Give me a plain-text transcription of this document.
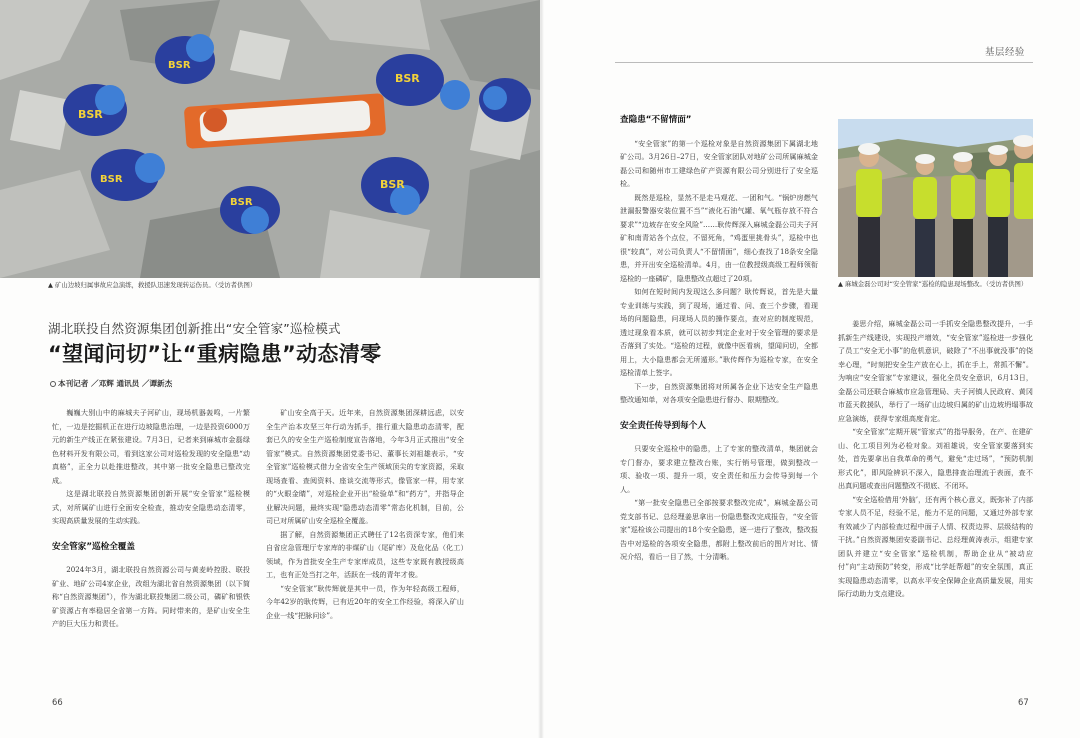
BSR
BSR
BSR
BSR
BSR
BSR
▲ 矿山边坡归属事故应急演练，救援队迅速发现转运伤员。（受访者供图）
湖北联投自然资源集团创新推出“安全管家”巡检模式
“望闻问切”让“重病隐患”动态清零
本刊记者 ／邓辉 通讯员 ／谭新杰

巍巍大别山中的麻城夫子河矿山，现场机器轰鸣，一片繁忙，一边是挖掘机正在进行边坡隐患治理，一边是投资6000万元的新生产线正在紧张建设。7月3日，记者来到麻城市金磊绿色材料开发有限公司，看到这家公司对巡检发现的安全隐患“动真格”，正全力以赴推进整改，其中第一批安全隐患已整改完成。

这是湖北联投自然资源集团创新开展“安全管家”巡检模式，对所属矿山进行全面安全检查，推动安全隐患动态清零，实现高质量发展的生动实践。

安全管家”巡检全覆盖

2024年3月，湖北联投自然资源公司与黄麦岭控股、联投矿业、地矿公司4家企业，改组为湖北省自然资源集团（以下简称“自然资源集团”），作为湖北联投集团二级公司，磷矿和银铁矿资源占有率稳居全省第一方阵。同时带来的，是矿山安全生产的巨大压力和责任。

矿山安全高于天。近年来，自然资源集团深耕远虑，以安全生产治本攻坚三年行动为抓手，推行重大隐患动态清零，配套已久的安全生产巡检制度宣告落地，今年3月正式推出“安全管家”模式。自然资源集团党委书记、董事长刘祖雄表示，“安全管家”巡检模式借力全省安全生产领域顶尖的专家资源，采取现场查看、查阅资料、座谈交流等形式，像管家一样，用专家的“火眼金睛”，对巡检企业开出“检验单”和“药方”，并指导企业解决问题，最终实现“隐患动态清零”常态化机制，目前，公司已对所属矿山安全巡检全覆盖。

据了解，自然资源集团正式聘任了12名资深专家，他们来自省应急管理厅专家库的非煤矿山（尾矿库）及危化品（化工）领域，作为首批安全生产专家库成员，这些专家既有教授级高工，也有正处当打之年，活跃在一线的青年才俊。

“安全管家”耿传辉就是其中一员，作为年轻高级工程师，今年42岁的耿传辉，已有近20年的安全工作经验，将深入矿山企业一线“把脉问诊”。

66
基层经验
查隐患“不留情面”

“安全管家”的第一个巡检对象是自然资源集团下属湖北地矿公司。3月26日–27日，安全管家团队对地矿公司所属麻城金磊公司和随州市工建绿色矿产资源有限公司分别进行了安全巡检。

既然是巡检，显然不是走马观花、一团和气。“锅炉房燃气泄漏报警器安装位置不当”“液化石油气罐、氧气瓶存放不符合要求”“边坡存在安全风险”……耿传辉深入麻城金磊公司夫子河矿和南青站各个点位，不留死角，“鸡蛋里挑骨头”，巡检中也很“较真”，对公司负责人“不留情面”，细心查找了18条安全隐患，并开出安全巡检清单。4月，由一位教授级高级工程师领衔巡检的一座磷矿，隐患整改点超过了20项。

如何在短时间内发现这么多问题？耿传辉说，首先是大量专业训练与实践，到了现场，通过看、问、查三个步骤，看现场的问题隐患，问现场人员的操作要点，查对应的制度规范，透过现象看本质，就可以初步判定企业对于安全管理的要求是否落到了实处。“巡检的过程，就像中医看病，望闻问切，全都用上，大小隐患都会无所遁形。”耿传辉作为巡检专家，在安全巡检清单上签字。

下一步，自然资源集团将对所属各企业下达安全生产隐患整改通知单，对各项安全隐患进行督办、限期整改。

安全责任传导到每个人

只要安全巡检中的隐患，上了专家的整改清单，集团就会专门督办，要求建立整改台账，实行销号管理，做到整改一项、验收一项、提升一项，安全责任和压力会传导到每一个人。

“第一批安全隐患已全部按要求整改完成”，麻城金磊公司党支部书记、总经理姜思拿出一份隐患整改完成报告，“安全管家”巡检该公司提出的18个安全隐患，逐一进行了整改，整改报告中对巡检的各项安全隐患，都附上整改前后的图片对比、情况介绍，看后一目了然，十分清晰。

▲ 麻城金磊公司对“安全管家”巡检的隐患现场整改。（受访者供图）

姜思介绍，麻城金磊公司一手抓安全隐患整改提升，一手抓新生产线建设，实现投产增效，“安全管家”巡检进一步强化了员工“安全无小事”的危机意识，破除了“不出事就没事”的侥幸心理，“时刻把安全生产放在心上，抓在手上，常抓不懈”。为响应“安全管家”专家建议，强化全员安全意识，6月13日，金磊公司还联合麻城市应急管理局、夫子河镇人民政府、黄冈市蓝天救援队，举行了一场矿山边坡归属的矿山边坡坍塌事故应急演练，获得专家组高度肯定。

“安全管家”定期开展“管家式”的指导服务，在产、在建矿山、化工项目列为必检对象。刘祖雄说，安全管家要落到实处，首先要拿出自我革命的勇气，避免“走过场”，“预防机制形式化”，即风险辨识不深入，隐患排查治理流于表面，查不出真问题或查出问题整改不彻底、不闭环。

“安全巡检借用‘外脑’，还有两个核心意义，既弥补了内部专家人员不足，经验不足，能力不足的问题，又通过外部专家有效减少了内部检查过程中面子人情、权责边界、层级结构的干扰。”自然资源集团安委副书记、总经理黄涛表示，组建专家团队并建立“安全管家”巡检机制，帮助企业从“被动应付”向“主动预防”转变，形成“比学赶帮超”的安全氛围，真正实现隐患动态清零，以高水平安全保障企业高质量发展，用实际行动助力支点建设。

67
